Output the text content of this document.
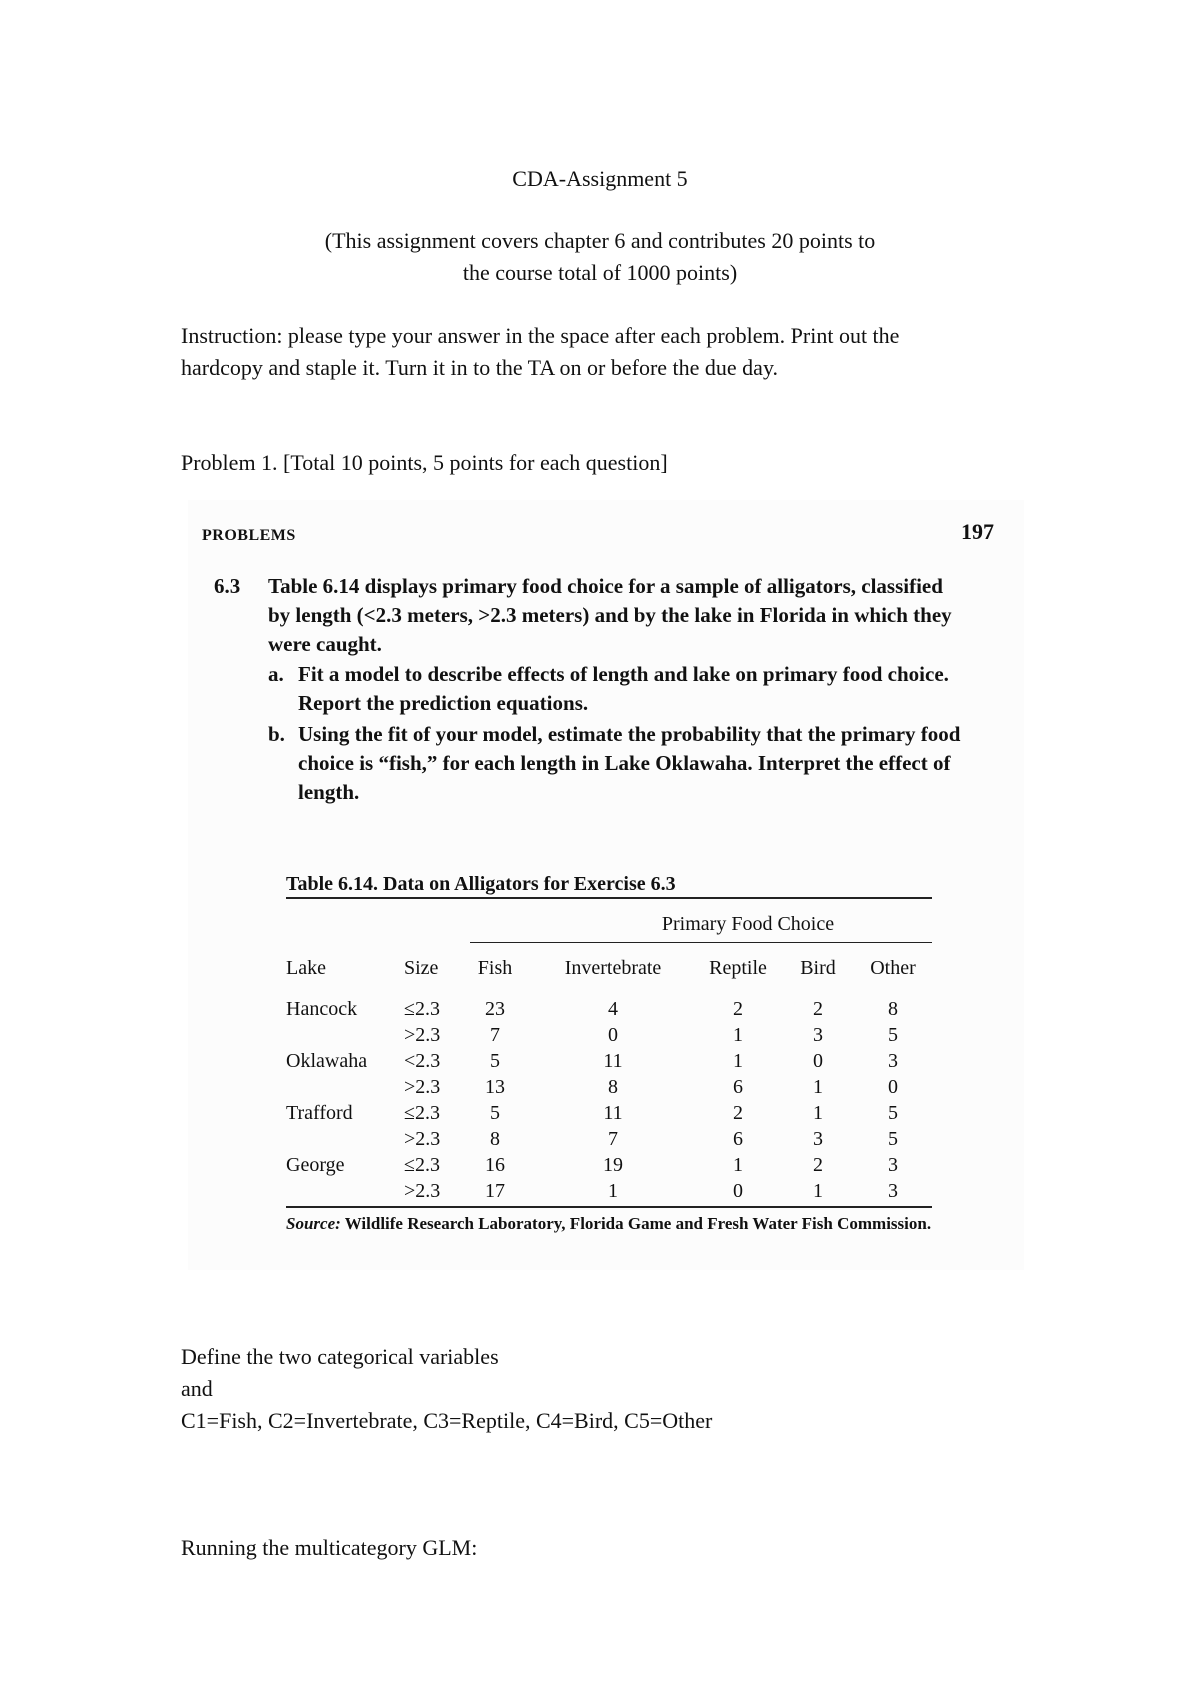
CDA-Assignment 5
(This assignment covers chapter 6 and contributes 20 points to
the course total of 1000 points)
Instruction: please type your answer in the space after each problem. Print out the
hardcopy and staple it. Turn it in to the TA on or before the due day.
Problem 1. [Total 10 points, 5 points for each question]
PROBLEMS	197
6.3 Table 6.14 displays primary food choice for a sample of alligators, classified
by length (<2.3 meters, >2.3 meters) and by the lake in Florida in which they
were caught.
a. Fit a model to describe effects of length and lake on primary food choice.
Report the prediction equations.
b. Using the fit of your model, estimate the probability that the primary food
choice is “fish,” for each length in Lake Oklawaha. Interpret the effect of
length.
Table 6.14. Data on Alligators for Exercise 6.3
Primary Food Choice
Lake	Size	Fish	Invertebrate	Reptile	Bird	Other
Hancock ≤2.3	23	4	2	2	8
>2.3	7	0	1	3	5
Oklawaha <2.3	5	11	1	0	3
>2.3	13	8	6	1	0
Trafford	≤2.3	5	11	2	1	5
>2.3	8	7	6	3	5
George	≤2.3	16	19	1	2	3
>2.3	17	1	0	1	3
Source: Wildlife Research Laboratory, Florida Game and Fresh Water Fish Commission.
Define the two categorical variables
and
C1=Fish, C2=Invertebrate, C3=Reptile, C4=Bird, C5=Other
Running the multicategory GLM:
